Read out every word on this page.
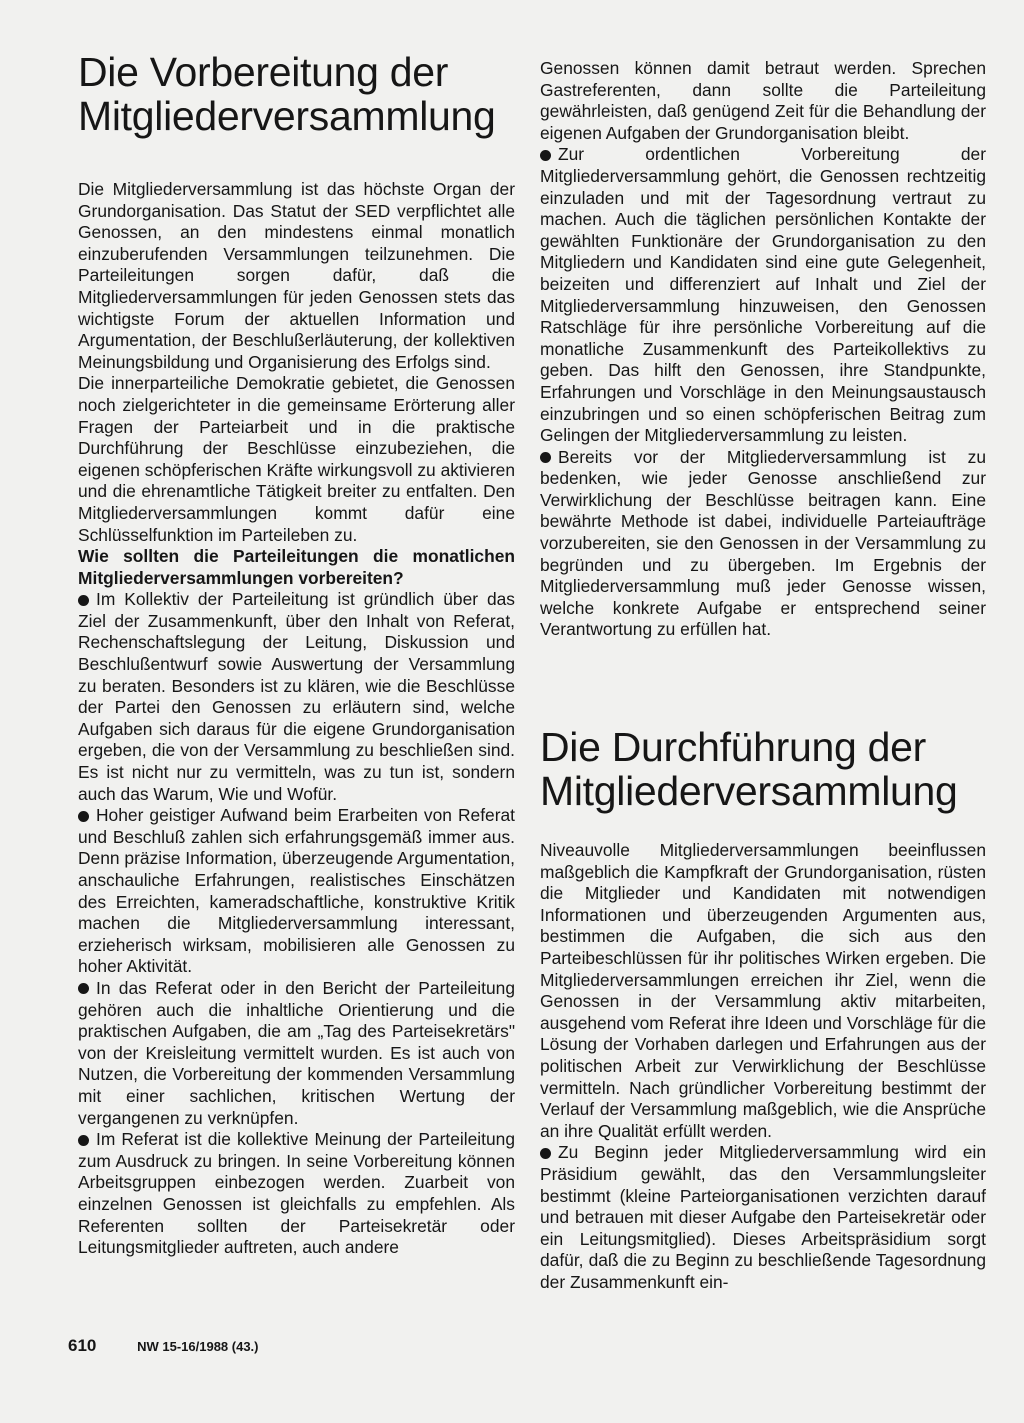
Die Vorbereitung der
Mitgliederversammlung

Die Mitgliederversammlung ist das höchste Organ der Grundorganisation. Das Statut der SED verpflichtet alle Genossen, an den mindestens einmal monatlich einzuberufenden Versammlungen teilzunehmen. Die Parteileitungen sorgen dafür, daß die Mitgliederversammlungen für jeden Genossen stets das wichtigste Forum der aktuellen Information und Argumentation, der Beschlußerläuterung, der kollektiven Meinungsbildung und Organisierung des Erfolgs sind.

Die innerparteiliche Demokratie gebietet, die Genossen noch zielgerichteter in die gemeinsame Erörterung aller Fragen der Parteiarbeit und in die praktische Durchführung der Beschlüsse einzubeziehen, die eigenen schöpferischen Kräfte wirkungsvoll zu aktivieren und die ehrenamtliche Tätigkeit breiter zu entfalten. Den Mitgliederversammlungen kommt dafür eine Schlüsselfunktion im Parteileben zu.

Wie sollten die Parteileitungen die monatlichen Mitgliederversammlungen vorbereiten?

Im Kollektiv der Parteileitung ist gründlich über das Ziel der Zusammenkunft, über den Inhalt von Referat, Rechenschaftslegung der Leitung, Diskussion und Beschlußentwurf sowie Auswertung der Versammlung zu beraten. Besonders ist zu klären, wie die Beschlüsse der Partei den Genossen zu erläutern sind, welche Aufgaben sich daraus für die eigene Grundorganisation ergeben, die von der Versammlung zu beschließen sind. Es ist nicht nur zu vermitteln, was zu tun ist, sondern auch das Warum, Wie und Wofür.

Hoher geistiger Aufwand beim Erarbeiten von Referat und Beschluß zahlen sich erfahrungsgemäß immer aus. Denn präzise Information, überzeugende Argumentation, anschauliche Erfahrungen, realistisches Einschätzen des Erreichten, kameradschaftliche, konstruktive Kritik machen die Mitgliederversammlung interessant, erzieherisch wirksam, mobilisieren alle Genossen zu hoher Aktivität.

In das Referat oder in den Bericht der Parteileitung gehören auch die inhaltliche Orientierung und die praktischen Aufgaben, die am „Tag des Parteisekretärs" von der Kreisleitung vermittelt wurden. Es ist auch von Nutzen, die Vorbereitung der kommenden Versammlung mit einer sachlichen, kritischen Wertung der vergangenen zu verknüpfen.

Im Referat ist die kollektive Meinung der Parteileitung zum Ausdruck zu bringen. In seine Vorbereitung können Arbeitsgruppen einbezogen werden. Zuarbeit von einzelnen Genossen ist gleichfalls zu empfehlen. Als Referenten sollten der Parteisekretär oder Leitungsmitglieder auftreten, auch andere

Genossen können damit betraut werden. Sprechen Gastreferenten, dann sollte die Parteileitung gewährleisten, daß genügend Zeit für die Behandlung der eigenen Aufgaben der Grundorganisation bleibt.

Zur ordentlichen Vorbereitung der Mitgliederversammlung gehört, die Genossen rechtzeitig einzuladen und mit der Tagesordnung vertraut zu machen. Auch die täglichen persönlichen Kontakte der gewählten Funktionäre der Grundorganisation zu den Mitgliedern und Kandidaten sind eine gute Gelegenheit, beizeiten und differenziert auf Inhalt und Ziel der Mitgliederversammlung hinzuweisen, den Genossen Ratschläge für ihre persönliche Vorbereitung auf die monatliche Zusammenkunft des Parteikollektivs zu geben. Das hilft den Genossen, ihre Standpunkte, Erfahrungen und Vorschläge in den Meinungsaustausch einzubringen und so einen schöpferischen Beitrag zum Gelingen der Mitgliederversammlung zu leisten.

Bereits vor der Mitgliederversammlung ist zu bedenken, wie jeder Genosse anschließend zur Verwirklichung der Beschlüsse beitragen kann. Eine bewährte Methode ist dabei, individuelle Parteiaufträge vorzubereiten, sie den Genossen in der Versammlung zu begründen und zu übergeben. Im Ergebnis der Mitgliederversammlung muß jeder Genosse wissen, welche konkrete Aufgabe er entsprechend seiner Verantwortung zu erfüllen hat.

Die Durchführung der
Mitgliederversammlung

Niveauvolle Mitgliederversammlungen beeinflussen maßgeblich die Kampfkraft der Grundorganisation, rüsten die Mitglieder und Kandidaten mit notwendigen Informationen und überzeugenden Argumenten aus, bestimmen die Aufgaben, die sich aus den Parteibeschlüssen für ihr politisches Wirken ergeben. Die Mitgliederversammlungen erreichen ihr Ziel, wenn die Genossen in der Versammlung aktiv mitarbeiten, ausgehend vom Referat ihre Ideen und Vorschläge für die Lösung der Vorhaben darlegen und Erfahrungen aus der politischen Arbeit zur Verwirklichung der Beschlüsse vermitteln. Nach gründlicher Vorbereitung bestimmt der Verlauf der Versammlung maßgeblich, wie die Ansprüche an ihre Qualität erfüllt werden.

Zu Beginn jeder Mitgliederversammlung wird ein Präsidium gewählt, das den Versammlungsleiter bestimmt (kleine Parteiorganisationen verzichten darauf und betrauen mit dieser Aufgabe den Parteisekretär oder ein Leitungsmitglied). Dieses Arbeitspräsidium sorgt dafür, daß die zu Beginn zu beschließende Tagesordnung der Zusammenkunft ein-

610	NW 15-16/1988 (43.)
